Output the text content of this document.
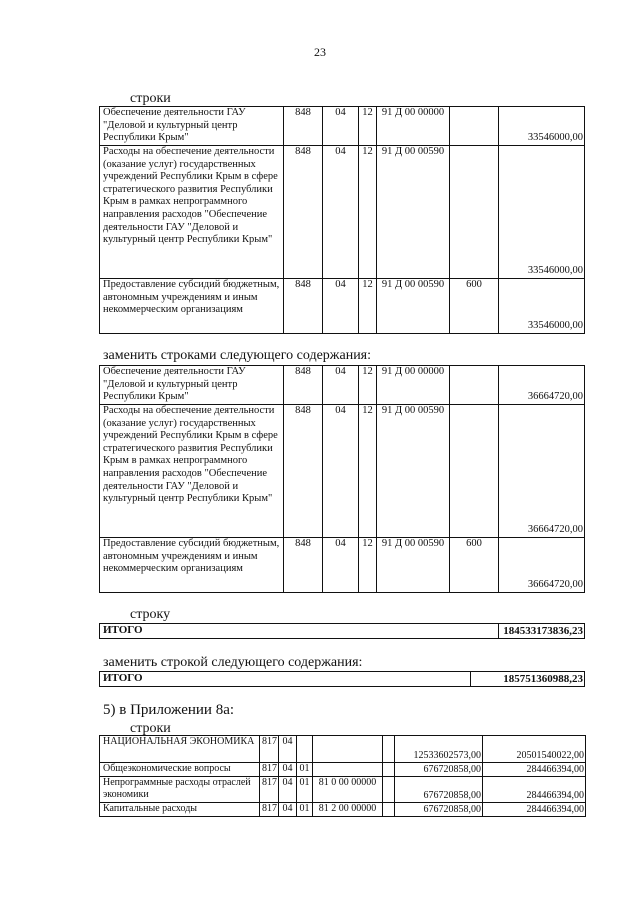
23
строки
Обеспечение деятельности ГАУ "Деловой и культурный центр Республики Крым"	848	04	12	91 Д 00 00000		33546000,00
Расходы на обеспечение деятельности (оказание услуг) государственных учреждений Республики Крым в сфере стратегического развития Республики Крым в рамках непрограммного направления расходов "Обеспечение деятельности ГАУ "Деловой и культурный центр Республики Крым"	848	04	12	91 Д 00 00590		33546000,00
Предоставление субсидий бюджетным, автономным учреждениям и иным некоммерческим организациям	848	04	12	91 Д 00 00590	600	33546000,00
заменить строками следующего содержания:
Обеспечение деятельности ГАУ "Деловой и культурный центр Республики Крым"	848	04	12	91 Д 00 00000		36664720,00
Расходы на обеспечение деятельности (оказание услуг) государственных учреждений Республики Крым в сфере стратегического развития Республики Крым в рамках непрограммного направления расходов "Обеспечение деятельности ГАУ "Деловой и культурный центр Республики Крым"	848	04	12	91 Д 00 00590		36664720,00
Предоставление субсидий бюджетным, автономным учреждениям и иным некоммерческим организациям	848	04	12	91 Д 00 00590	600	36664720,00
строку
ИТОГО	184533173836,23
заменить строкой следующего содержания:
ИТОГО	185751360988,23
5) в Приложении 8а:
строки
НАЦИОНАЛЬНАЯ ЭКОНОМИКА	817	04				12533602573,00	20501540022,00
Общеэкономические вопросы	817	04	01			676720858,00	284466394,00
Непрограммные расходы отраслей экономики	817	04	01	81 0 00 00000		676720858,00	284466394,00
Капитальные расходы	817	04	01	81 2 00 00000		676720858,00	284466394,00
